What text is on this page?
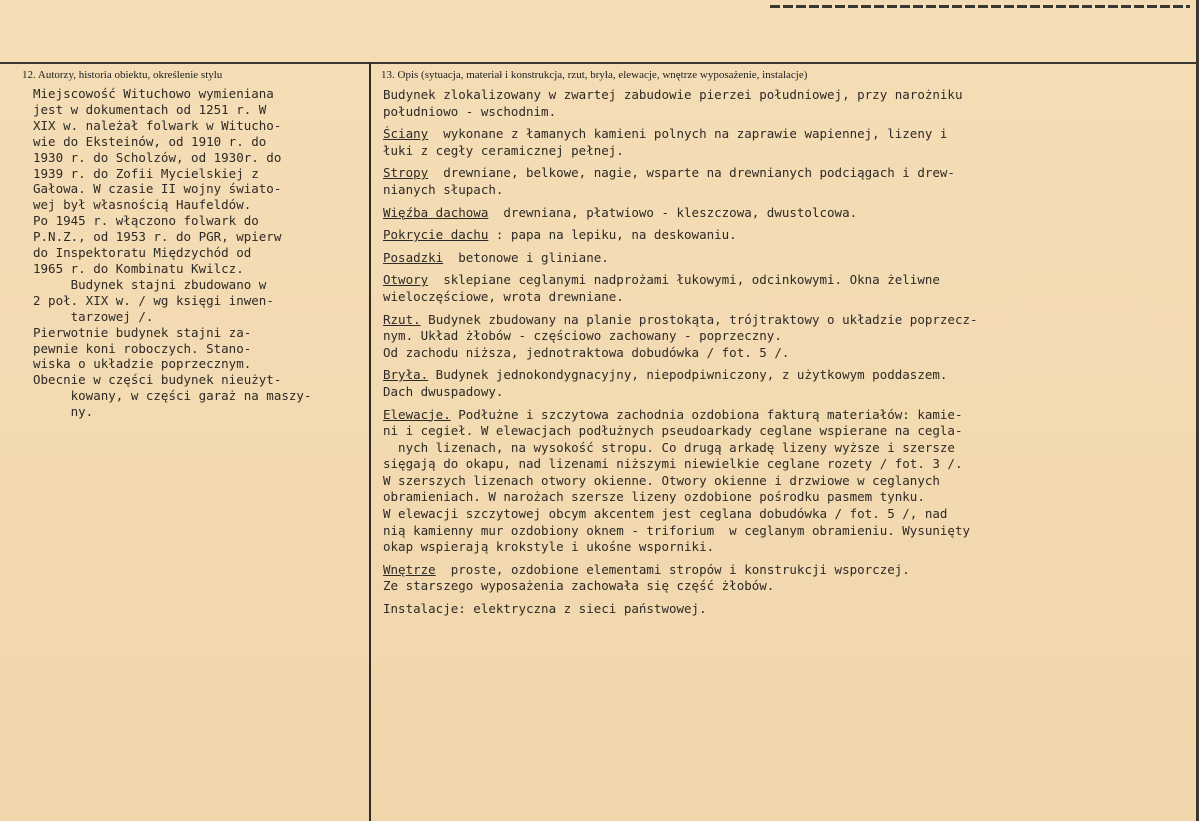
12. Autorzy, historia obiektu, określenie stylu	13. Opis (sytuacja, materiał i konstrukcja, rzut, bryła, elewacje, wnętrze wyposażenie, instalacje)
Miejscowość Wituchowo wymieniana
jest w dokumentach od 1251 r. W
XIX w. należał folwark w Witucho-
wie do Eksteinów, od 1910 r. do
1930 r. do Scholzów, od 1930r. do
1939 r. do Zofii Mycielskiej z
Gałowa. W czasie II wojny świato-
wej był własnością Haufeldów.
Po 1945 r. włączono folwark do
P.N.Z., od 1953 r. do PGR, wpierw
do Inspektoratu Międzychód od
1965 r. do Kombinatu Kwilcz.
Budynek stajni zbudowano w
2 poł. XIX w. / wg księgi inwen-
tarzowej /.
Pierwotnie budynek stajni za-
pewnie koni roboczych. Stano-
wiska o układzie poprzecznym.
Obecnie w części budynek nieużyt-
kowany, w części garaż na maszy-
ny.

Budynek zlokalizowany w zwartej zabudowie pierzei południowej, przy narożniku
południowo - wschodnim.

Ściany  wykonane z łamanych kamieni polnych na zaprawie wapiennej, lizeny i
łuki z cegły ceramicznej pełnej.

Stropy  drewniane, belkowe, nagie, wsparte na drewnianych podciągach i drew-
nianych słupach.

Więźba dachowa  drewniana, płatwiowo - kleszczowa, dwustolcowa.

Pokrycie dachu : papa na lepiku, na deskowaniu.

Posadzki  betonowe i gliniane.

Otwory  sklepiane ceglanymi nadprożami łukowymi, odcinkowymi. Okna żeliwne
wieloczęściowe, wrota drewniane.

Rzut. Budynek zbudowany na planie prostokąta, trójtraktowy o układzie poprzecz-
nym. Układ żłobów - częściowo zachowany - poprzeczny.
Od zachodu niższa, jednotraktowa dobudówka / fot. 5 /.

Bryła. Budynek jednokondygnacyjny, niepodpiwniczony, z użytkowym poddaszem.
Dach dwuspadowy.

Elewacje. Podłużne i szczytowa zachodnia ozdobiona fakturą materiałów: kamie-
ni i cegieł. W elewacjach podłużnych pseudoarkady ceglane wspierane na cegla-
nych lizenach, na wysokość stropu. Co drugą arkadę lizeny wyższe i szersze
sięgają do okapu, nad lizenami niższymi niewielkie ceglane rozety / fot. 3 /.
W szerszych lizenach otwory okienne. Otwory okienne i drzwiowe w ceglanych
obramieniach. W narożach szersze lizeny ozdobione pośrodku pasmem tynku.
W elewacji szczytowej obcym akcentem jest ceglana dobudówka / fot. 5 /, nad
nią kamienny mur ozdobiony oknem - triforium  w ceglanym obramieniu. Wysunięty
okap wspierają krokstyle i ukośne wsporniki.

Wnętrze  proste, ozdobione elementami stropów i konstrukcji wsporczej.
Ze starszego wyposażenia zachowała się część żłobów.

Instalacje: elektryczna z sieci państwowej.
